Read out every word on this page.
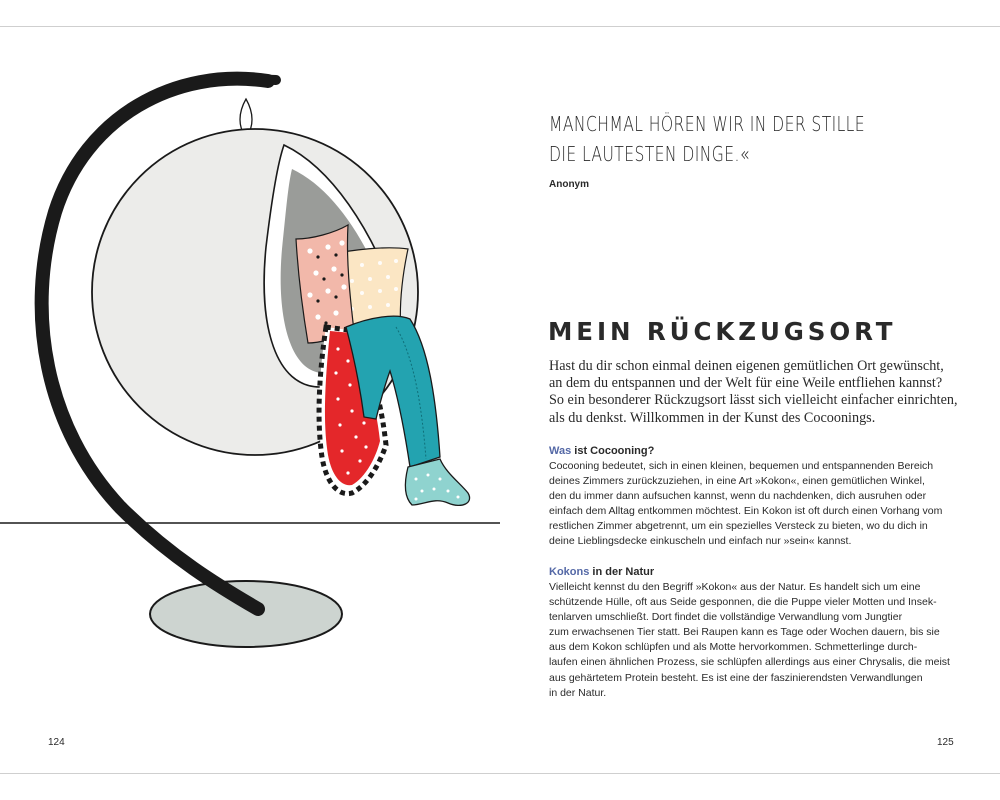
124
MANCHMAL HÖREN WIR IN DER STILLE
DIE LAUTESTEN DINGE.«
Anonym
MEIN RÜCKZUGSORT
Hast du dir schon einmal deinen eigenen gemütlichen Ort gewünscht,
an dem du entspannen und der Welt für eine Weile entfliehen kannst?
So ein besonderer Rückzugsort lässt sich vielleicht einfacher einrichten,
als du denkst. Willkommen in der Kunst des Cocoonings.
Was ist Cocooning?
Cocooning bedeutet, sich in einen kleinen, bequemen und entspannenden Bereich
deines Zimmers zurückzuziehen, in eine Art »Kokon«, einen gemütlichen Winkel,
den du immer dann aufsuchen kannst, wenn du nachdenken, dich ausruhen oder
einfach dem Alltag entkommen möchtest. Ein Kokon ist oft durch einen Vorhang vom
restlichen Zimmer abgetrennt, um ein spezielles Versteck zu bieten, wo du dich in
deine Lieblingsdecke einkuscheln und einfach nur »sein« kannst.
Kokons in der Natur
Vielleicht kennst du den Begriff »Kokon« aus der Natur. Es handelt sich um eine
schützende Hülle, oft aus Seide gesponnen, die die Puppe vieler Motten und Insek-
tenlarven umschließt. Dort findet die vollständige Verwandlung vom Jungtier
zum erwachsenen Tier statt. Bei Raupen kann es Tage oder Wochen dauern, bis sie
aus dem Kokon schlüpfen und als Motte hervorkommen. Schmetterlinge durch-
laufen einen ähnlichen Prozess, sie schlüpfen allerdings aus einer Chrysalis, die meist
aus gehärtetem Protein besteht. Es ist eine der faszinierendsten Verwandlungen
in der Natur.
125
